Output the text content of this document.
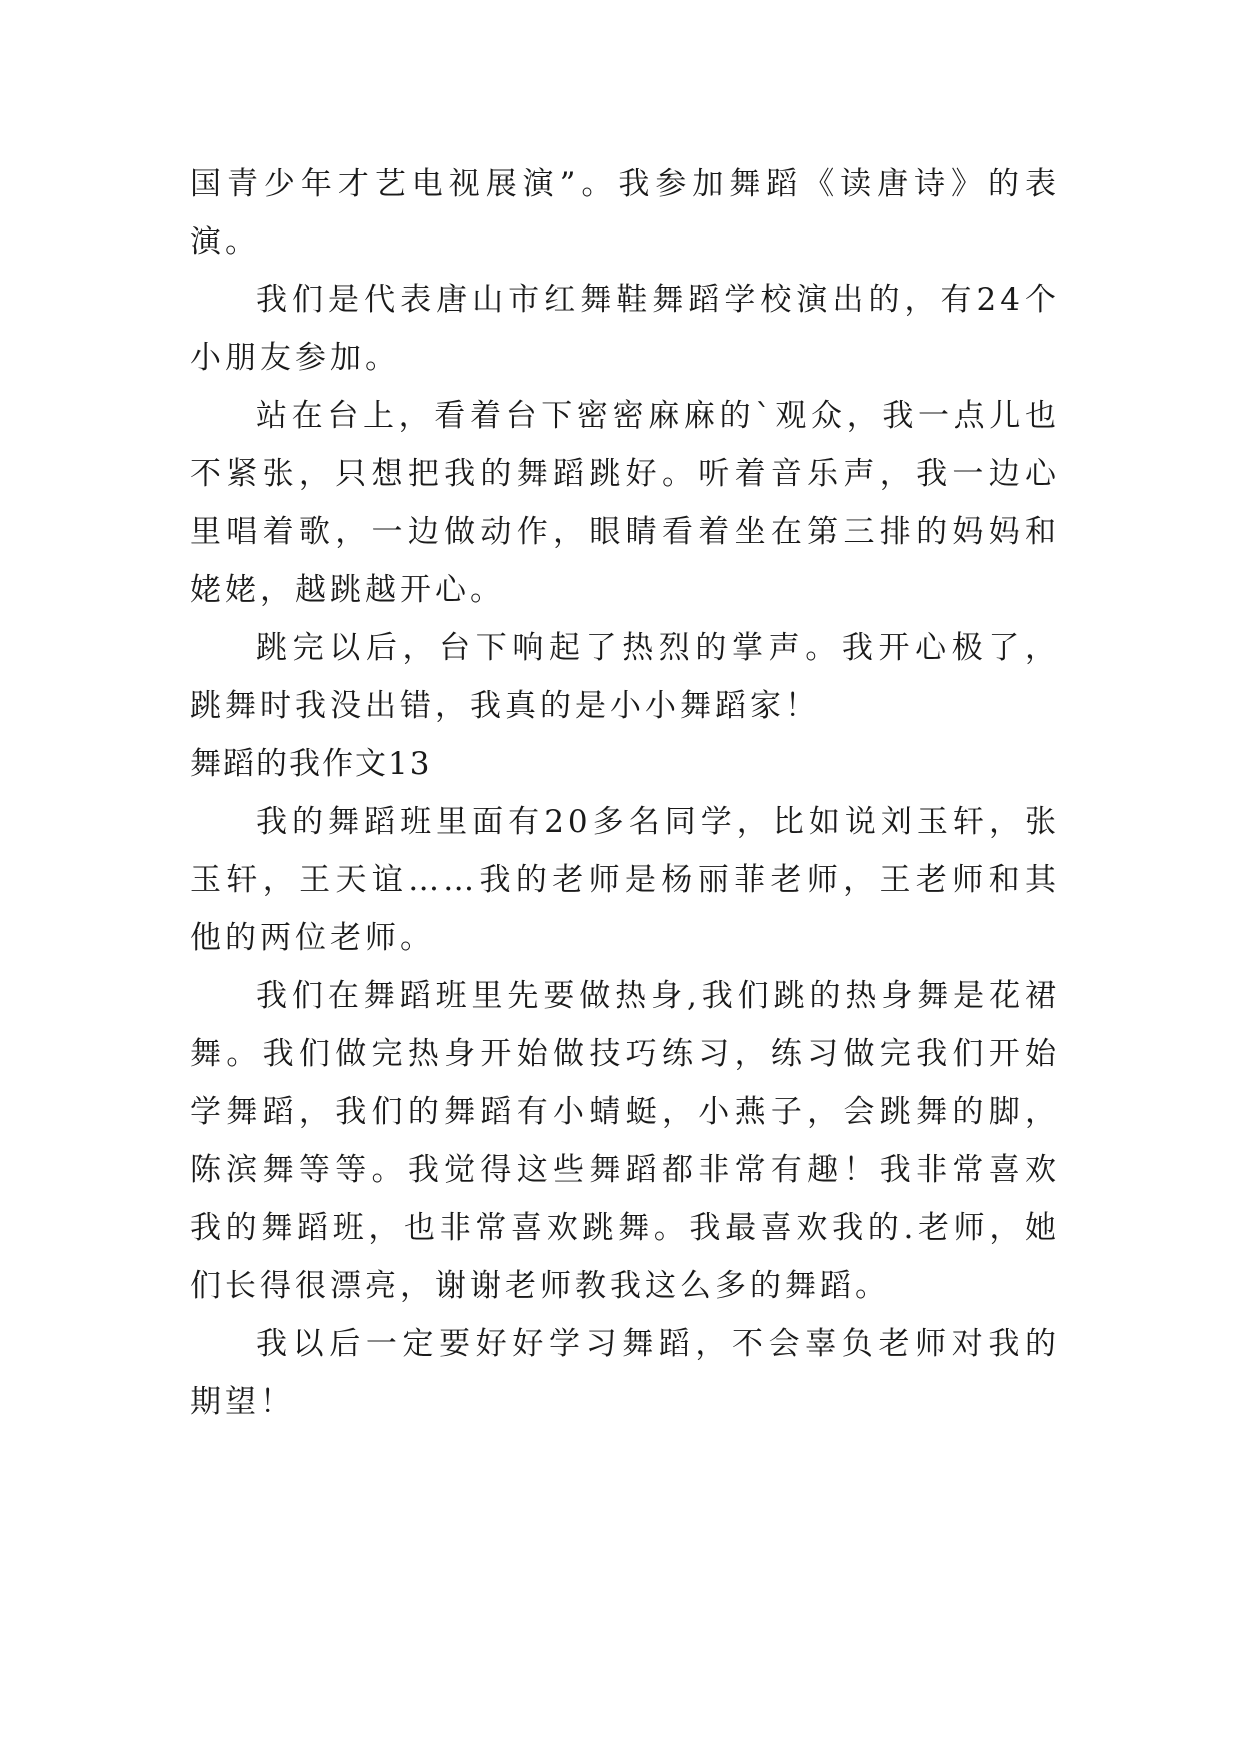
国青少年才艺电视展演”。我参加舞蹈《读唐诗》的表演。

我们是代表唐山市红舞鞋舞蹈学校演出的，有24个小朋友参加。

站在台上，看着台下密密麻麻的`观众，我一点儿也不紧张，只想把我的舞蹈跳好。听着音乐声，我一边心里唱着歌，一边做动作，眼睛看着坐在第三排的妈妈和姥姥，越跳越开心。

跳完以后，台下响起了热烈的掌声。我开心极了，跳舞时我没出错，我真的是小小舞蹈家！

舞蹈的我作文13

我的舞蹈班里面有20多名同学，比如说刘玉轩，张玉轩，王天谊……我的老师是杨丽菲老师，王老师和其他的两位老师。

我们在舞蹈班里先要做热身,我们跳的热身舞是花裙舞。我们做完热身开始做技巧练习，练习做完我们开始学舞蹈，我们的舞蹈有小蜻蜓，小燕子，会跳舞的脚，陈滨舞等等。我觉得这些舞蹈都非常有趣！我非常喜欢我的舞蹈班，也非常喜欢跳舞。我最喜欢我的.老师，她们长得很漂亮，谢谢老师教我这么多的舞蹈。

我以后一定要好好学习舞蹈，不会辜负老师对我的期望！
